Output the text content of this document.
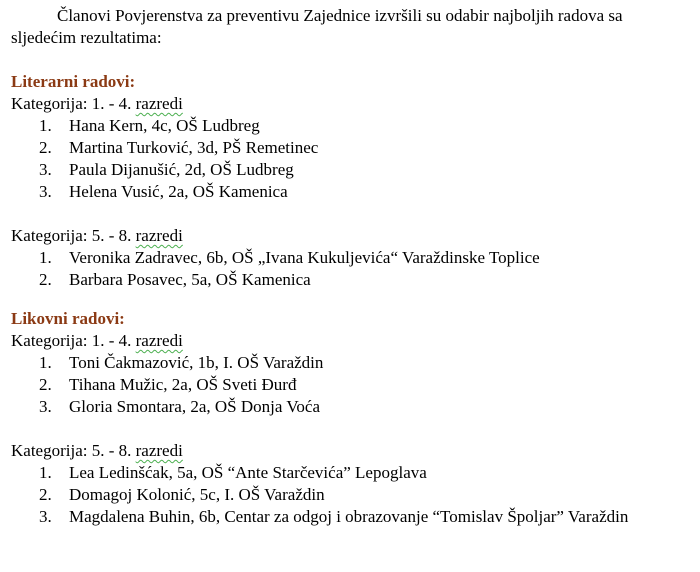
Članovi Povjerenstva za preventivu Zajednice izvršili su odabir najboljih radova sa sljedećim rezultatima:

Literarni radovi:

Kategorija: 1. - 4. razredi

1. Hana Kern, 4c, OŠ Ludbreg
2. Martina Turković, 3d, PŠ Remetinec
3. Paula Dijanušić, 2d, OŠ Ludbreg
3. Helena Vusić, 2a, OŠ Kamenica

Kategorija: 5. - 8. razredi

1. Veronika Zadravec, 6b, OŠ „Ivana Kukuljevića“ Varaždinske Toplice
2. Barbara Posavec, 5a, OŠ Kamenica

Likovni radovi:

Kategorija: 1. - 4. razredi

1. Toni Čakmazović, 1b, I. OŠ Varaždin
2. Tihana Mužic, 2a, OŠ Sveti Đurđ
3. Gloria Smontara, 2a, OŠ Donja Voća

Kategorija: 5. - 8. razredi

1. Lea Ledinšćak, 5a, OŠ “Ante Starčevića” Lepoglava
2. Domagoj Kolonić, 5c, I. OŠ Varaždin
3. Magdalena Buhin, 6b, Centar za odgoj i obrazovanje “Tomislav Špoljar” Varaždin
